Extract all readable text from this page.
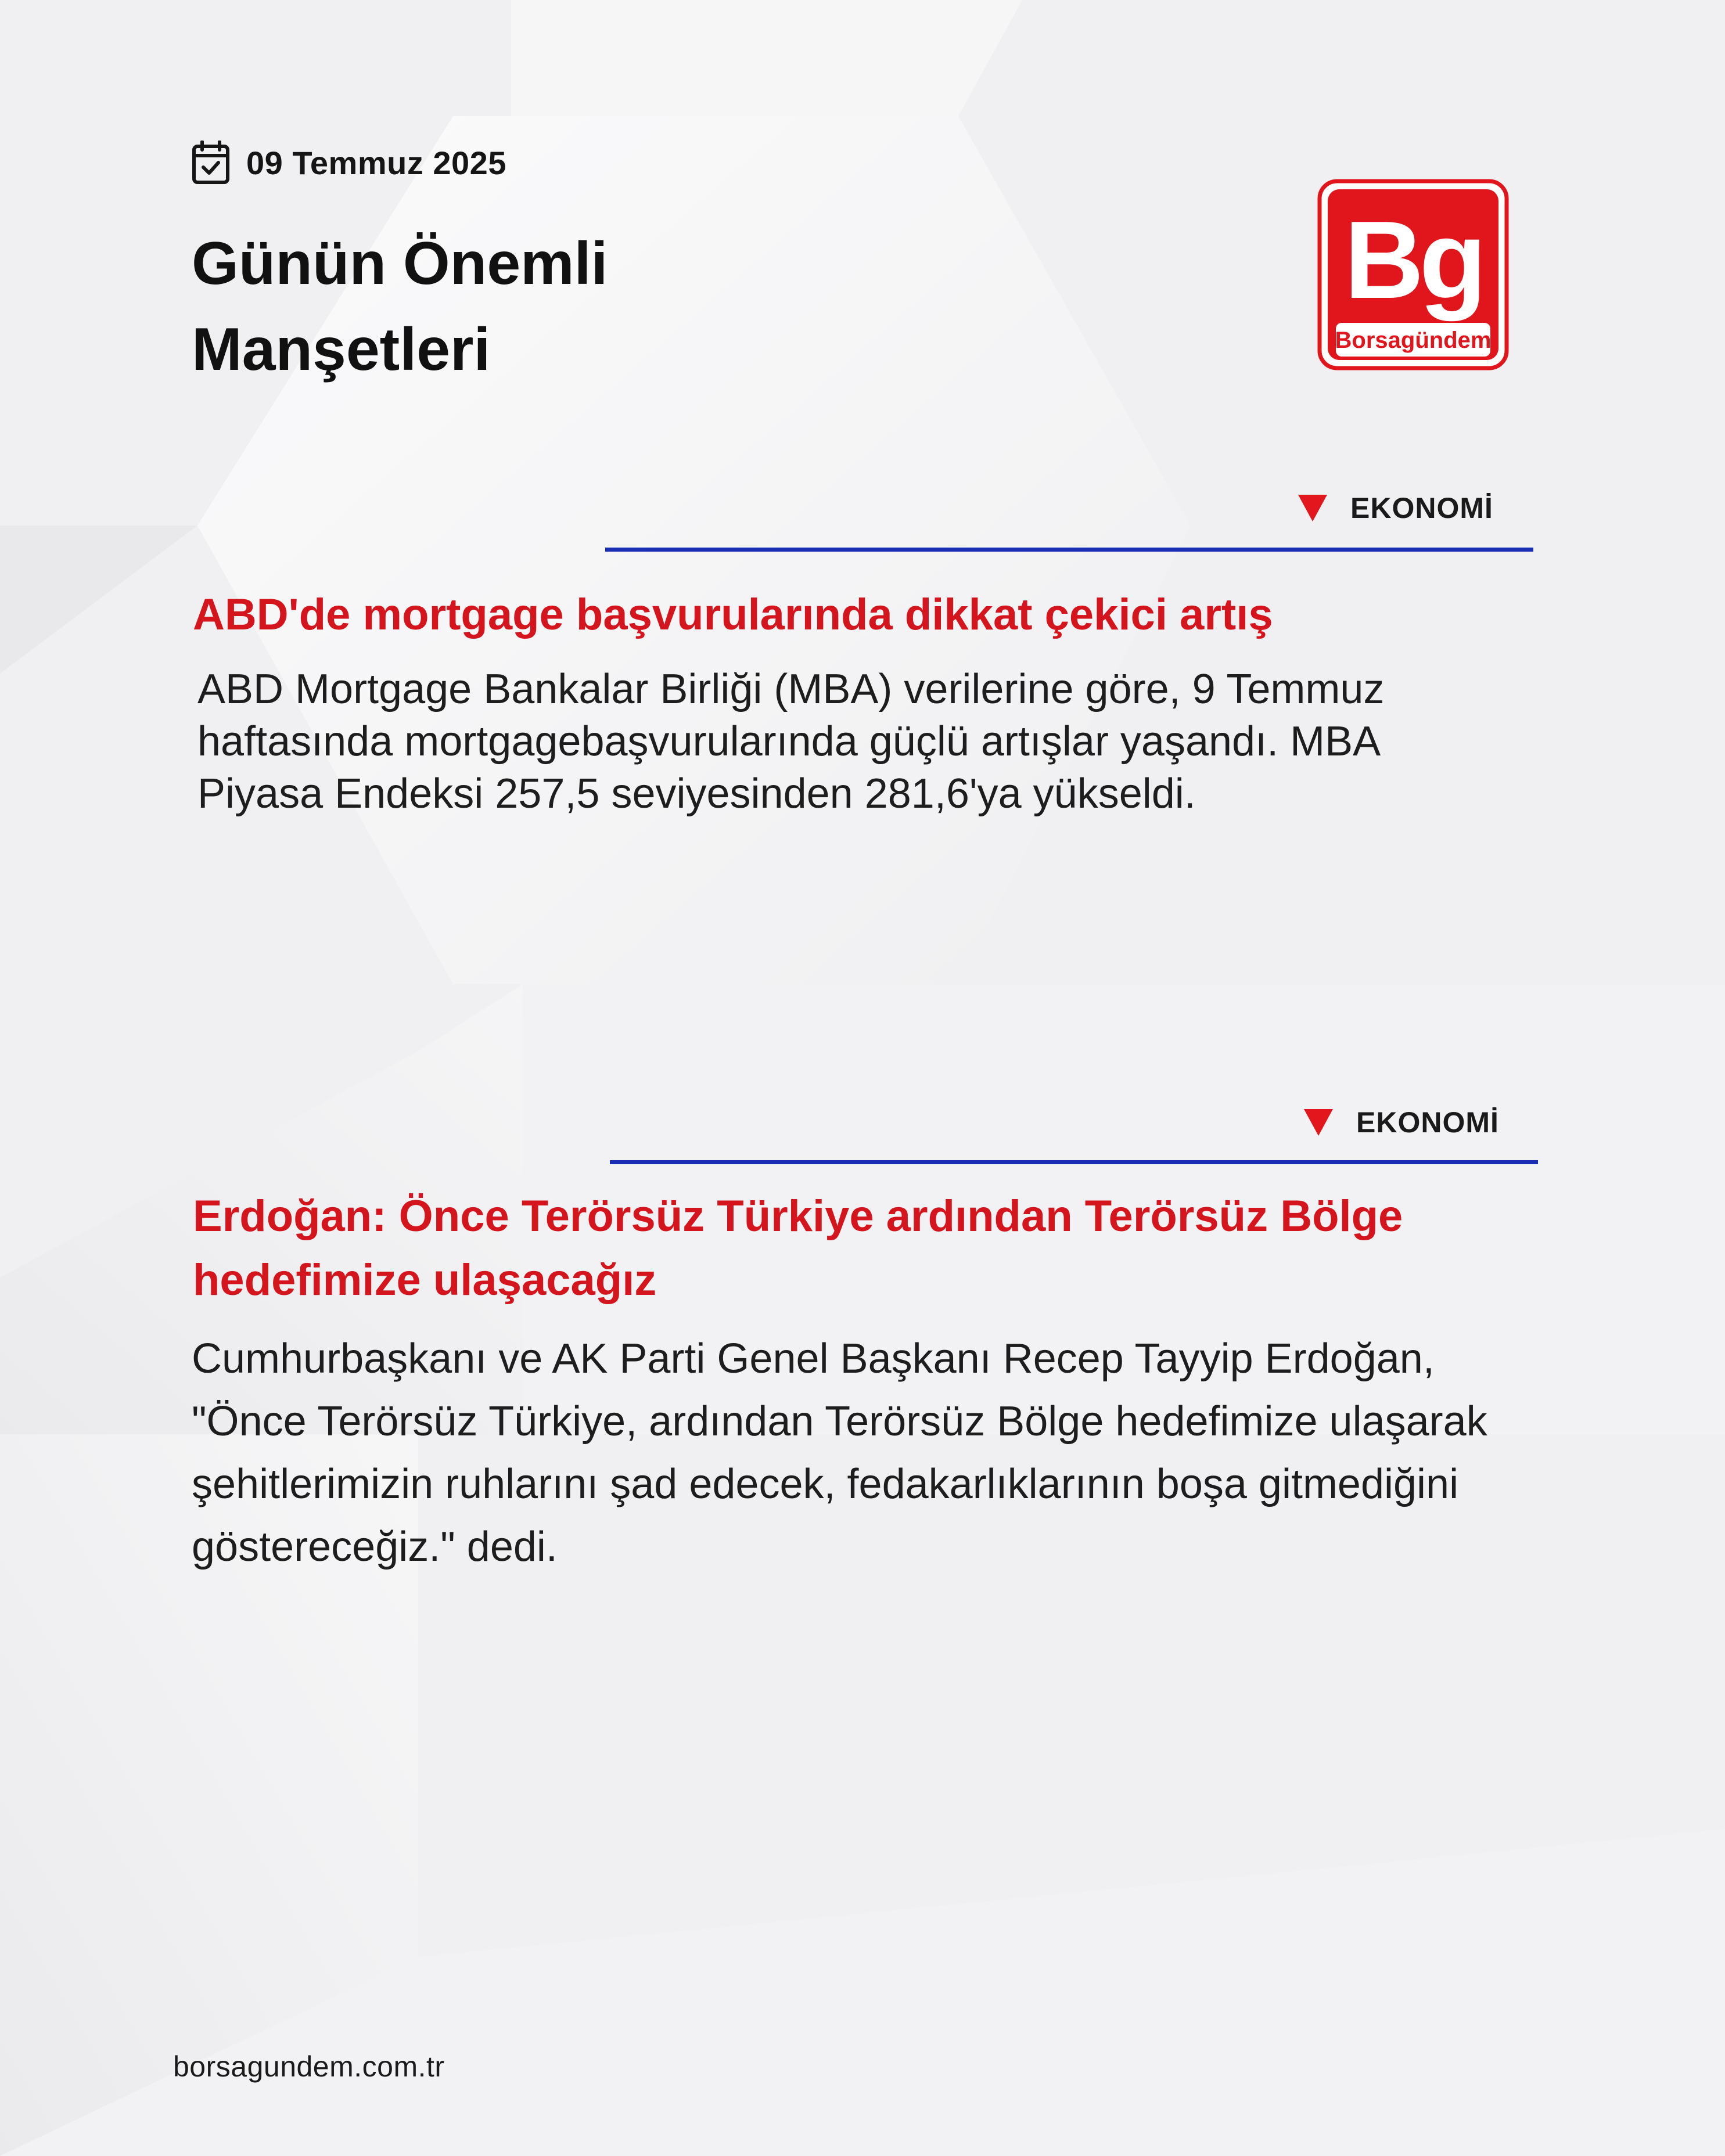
09 Temmuz 2025
Günün Önemli
Manşetleri
Bg
Borsagündem
EKONOMİ
ABD'de mortgage başvurularında dikkat çekici artış

ABD Mortgage Bankalar Birliği (MBA) verilerine göre, 9 Temmuz haftasında mortgagebaşvurularında güçlü artışlar yaşandı. MBA Piyasa Endeksi 257,5 seviyesinden 281,6'ya yükseldi.

EKONOMİ
Erdoğan: Önce Terörsüz Türkiye ardından Terörsüz Bölge hedefimize ulaşacağız

Cumhurbaşkanı ve AK Parti Genel Başkanı Recep Tayyip Erdoğan, "Önce Terörsüz Türkiye, ardından Terörsüz Bölge hedefimize ulaşarak şehitlerimizin ruhlarını şad edecek, fedakarlıklarının boşa gitmediğini göstereceğiz." dedi.

borsagundem.com.tr
